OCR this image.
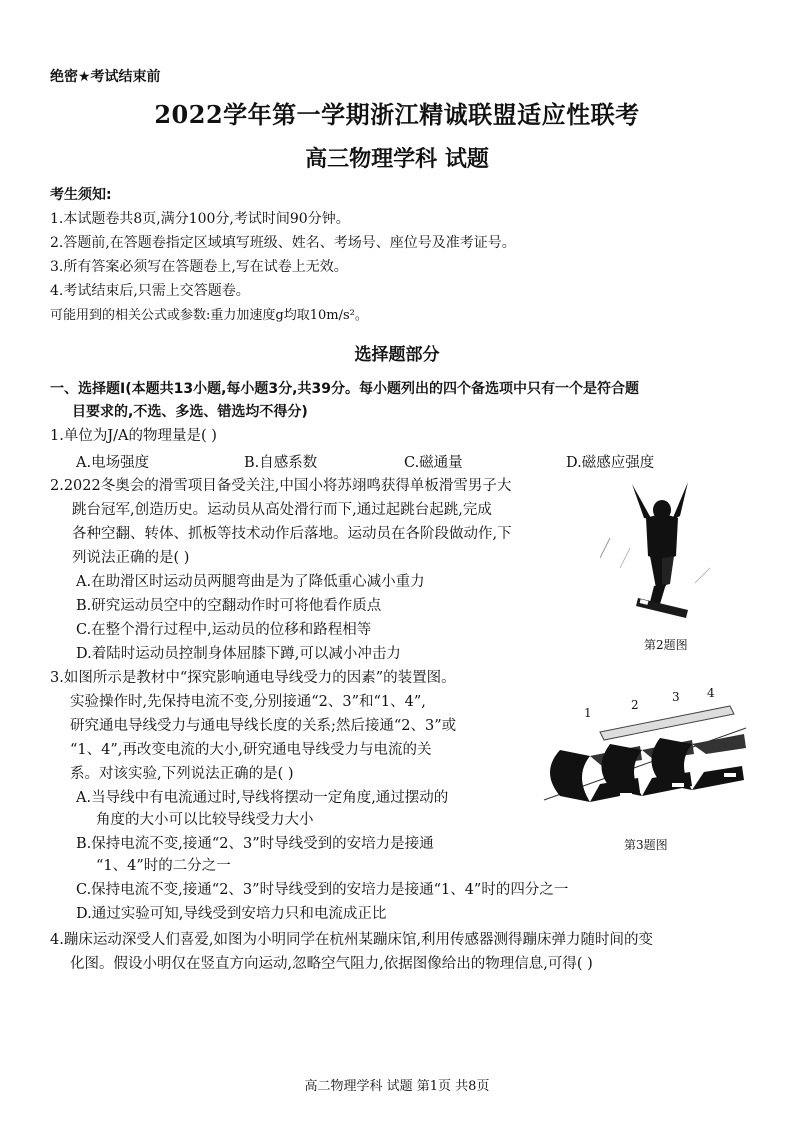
绝密★考试结束前
2022学年第一学期浙江精诚联盟适应性联考
高三物理学科 试题
考生须知:
1.本试题卷共8页,满分100分,考试时间90分钟。
2.答题前,在答题卷指定区域填写班级、姓名、考场号、座位号及准考证号。
3.所有答案必须写在答题卷上,写在试卷上无效。
4.考试结束后,只需上交答题卷。
可能用到的相关公式或参数:重力加速度g均取10m/s²。
选择题部分
一、选择题Ⅰ(本题共13小题,每小题3分,共39分。每小题列出的四个备选项中只有一个是符合题
目要求的,不选、多选、错选均不得分)
1.单位为J/A的物理量是( )
A.电场强度	B.自感系数	C.磁通量	D.磁感应强度
2.2022冬奥会的滑雪项目备受关注,中国小将苏翊鸣获得单板滑雪男子大
跳台冠军,创造历史。运动员从高处滑行而下,通过起跳台起跳,完成
各种空翻、转体、抓板等技术动作后落地。运动员在各阶段做动作,下
列说法正确的是( )
A.在助滑区时运动员两腿弯曲是为了降低重心减小重力
B.研究运动员空中的空翻动作时可将他看作质点
C.在整个滑行过程中,运动员的位移和路程相等
D.着陆时运动员控制身体屈膝下蹲,可以减小冲击力
第2题图
3.如图所示是教材中“探究影响通电导线受力的因素”的装置图。
实验操作时,先保持电流不变,分别接通“2、3”和“1、4”,
研究通电导线受力与通电导线长度的关系;然后接通“2、3”或
“1、4”,再改变电流的大小,研究通电导线受力与电流的关
系。对该实验,下列说法正确的是( )
A.当导线中有电流通过时,导线将摆动一定角度,通过摆动的
角度的大小可以比较导线受力大小
B.保持电流不变,接通“2、3”时导线受到的安培力是接通
“1、4”时的二分之一
C.保持电流不变,接通“2、3”时导线受到的安培力是接通“1、4”时的四分之一
D.通过实验可知,导线受到安培力只和电流成正比
1
2
3 4
第3题图
4.蹦床运动深受人们喜爱,如图为小明同学在杭州某蹦床馆,利用传感器测得蹦床弹力随时间的变
化图。假设小明仅在竖直方向运动,忽略空气阻力,依据图像给出的物理信息,可得( )
高二物理学科 试题 第1页 共8页
